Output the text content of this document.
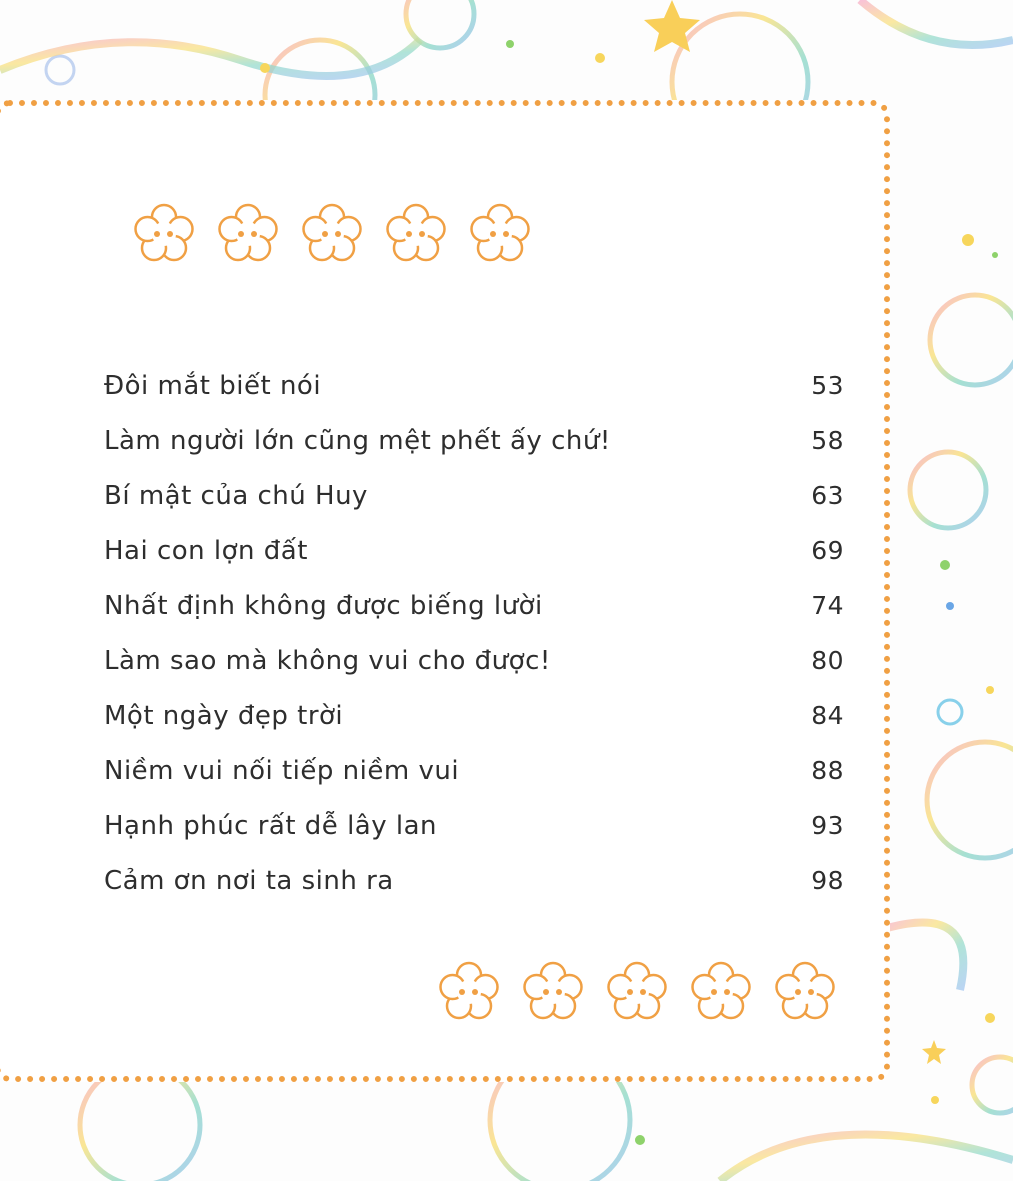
Đôi mắt biết nói	53
Làm người lớn cũng mệt phết ấy chứ!	58
Bí mật của chú Huy	63
Hai con lợn đất	69
Nhất định không được biếng lười	74
Làm sao mà không vui cho được!	80
Một ngày đẹp trời	84
Niềm vui nối tiếp niềm vui	88
Hạnh phúc rất dễ lây lan	93
Cảm ơn nơi ta sinh ra	98
